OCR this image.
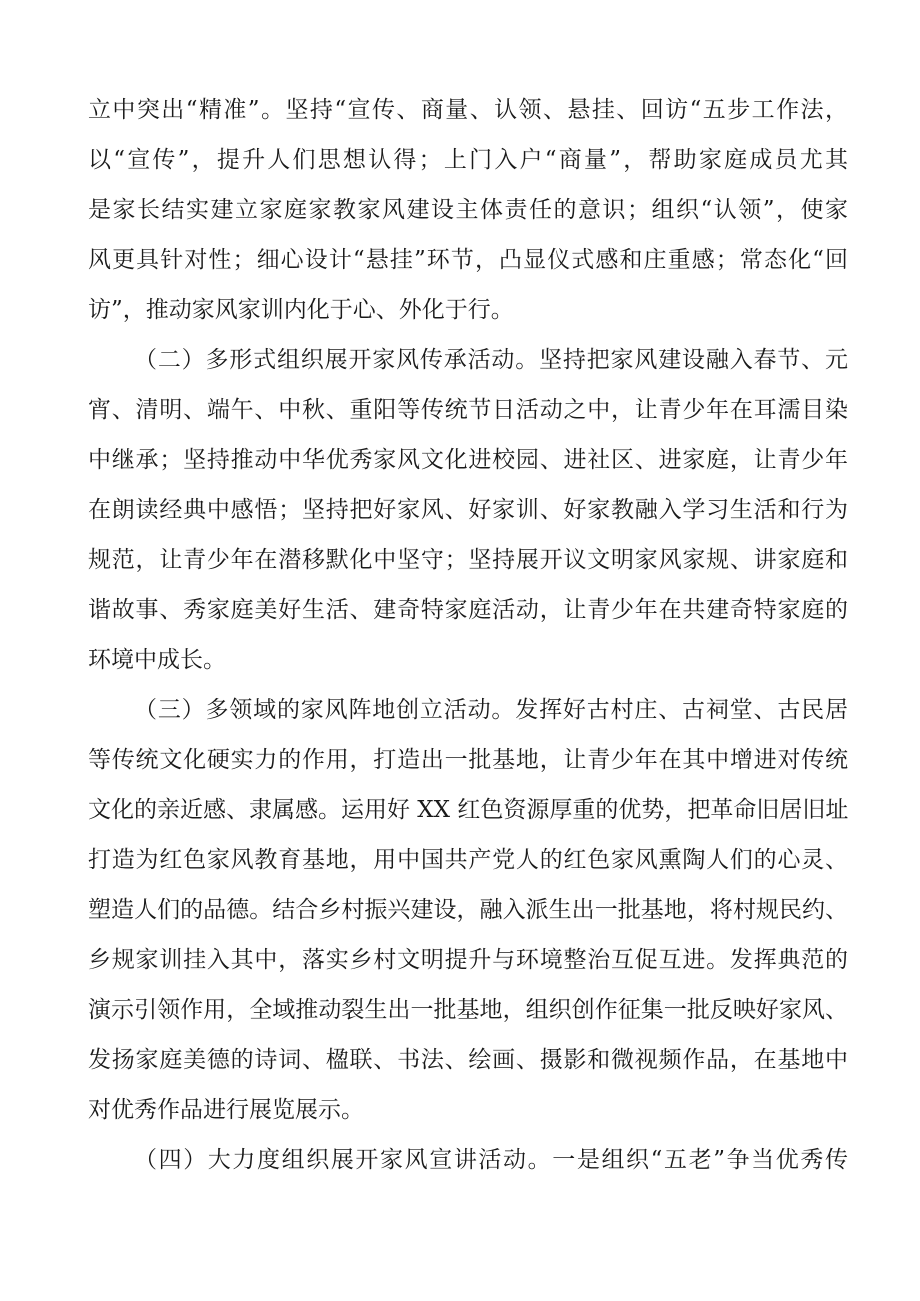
立中突出“精准”。坚持“宣传、商量、认领、悬挂、回访“五步工作法，
以“宣传”，提升人们思想认得；上门入户“商量”，帮助家庭成员尤其
是家长结实建立家庭家教家风建设主体责任的意识；组织“认领”，使家
风更具针对性；细心设计“悬挂”环节，凸显仪式感和庄重感；常态化“回
访”，推动家风家训内化于心、外化于行。
（二）多形式组织展开家风传承活动。坚持把家风建设融入春节、元
宵、清明、端午、中秋、重阳等传统节日活动之中，让青少年在耳濡目染
中继承；坚持推动中华优秀家风文化进校园、进社区、进家庭，让青少年
在朗读经典中感悟；坚持把好家风、好家训、好家教融入学习生活和行为
规范，让青少年在潜移默化中坚守；坚持展开议文明家风家规、讲家庭和
谐故事、秀家庭美好生活、建奇特家庭活动，让青少年在共建奇特家庭的
环境中成长。
（三）多领域的家风阵地创立活动。发挥好古村庄、古祠堂、古民居
等传统文化硬实力的作用，打造出一批基地，让青少年在其中增进对传统
文化的亲近感、隶属感。运用好 XX 红色资源厚重的优势，把革命旧居旧址
打造为红色家风教育基地，用中国共产党人的红色家风熏陶人们的心灵、
塑造人们的品德。结合乡村振兴建设，融入派生出一批基地，将村规民约、
乡规家训挂入其中，落实乡村文明提升与环境整治互促互进。发挥典范的
演示引领作用，全域推动裂生出一批基地，组织创作征集一批反映好家风、
发扬家庭美德的诗词、楹联、书法、绘画、摄影和微视频作品，在基地中
对优秀作品进行展览展示。
（四）大力度组织展开家风宣讲活动。一是组织“五老”争当优秀传
